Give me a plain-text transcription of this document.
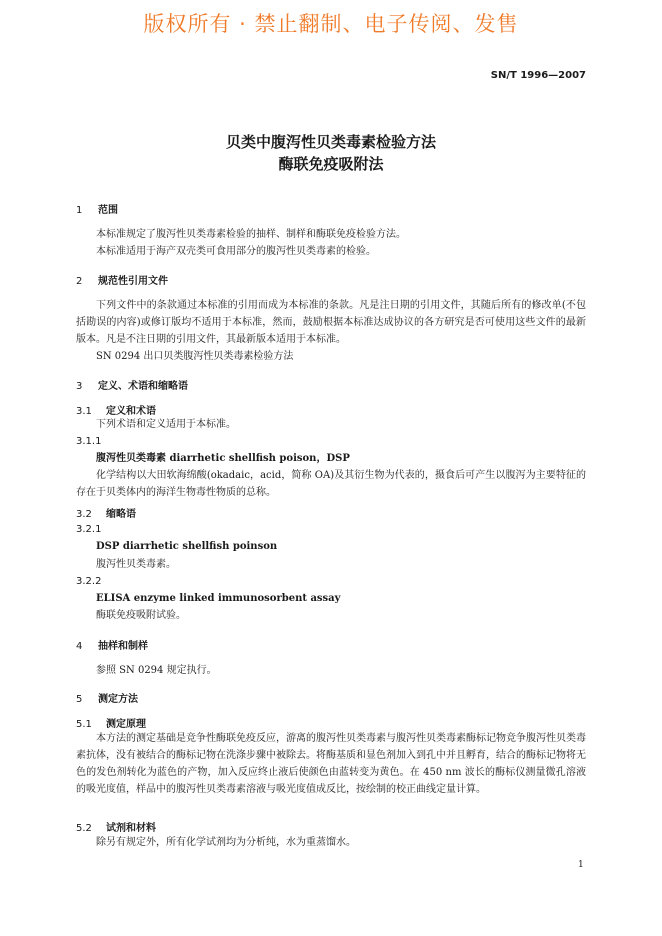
版权所有 · 禁止翻制、电子传阅、发售
SN/T 1996—2007
贝类中腹泻性贝类毒素检验方法
酶联免疫吸附法
1 范围
本标准规定了腹泻性贝类毒素检验的抽样、制样和酶联免疫检验方法。
本标准适用于海产双壳类可食用部分的腹泻性贝类毒素的检验。
2 规范性引用文件
下列文件中的条款通过本标准的引用而成为本标准的条款。凡是注日期的引用文件，其随后所有的修改单(不包括勘误的内容)或修订版均不适用于本标准，然而，鼓励根据本标准达成协议的各方研究是否可使用这些文件的最新版本。凡是不注日期的引用文件，其最新版本适用于本标准。
SN 0294 出口贝类腹泻性贝类毒素检验方法
3 定义、术语和缩略语
3.1 定义和术语
下列术语和定义适用于本标准。
3.1.1
腹泻性贝类毒素 diarrhetic shellfish poison，DSP
化学结构以大田软海绵酸(okadaic，acid，简称 OA)及其衍生物为代表的，摄食后可产生以腹泻为主要特征的存在于贝类体内的海洋生物毒性物质的总称。
3.2 缩略语
3.2.1
DSP diarrhetic shellfish poinson
腹泻性贝类毒素。
3.2.2
ELISA enzyme linked immunosorbent assay
酶联免疫吸附试验。
4 抽样和制样
参照 SN 0294 规定执行。
5 测定方法
5.1 测定原理
本方法的测定基础是竞争性酶联免疫反应，游离的腹泻性贝类毒素与腹泻性贝类毒素酶标记物竞争腹泻性贝类毒素抗体，没有被结合的酶标记物在洗涤步骤中被除去。将酶基质和显色剂加入到孔中并且孵育，结合的酶标记物将无色的发色剂转化为蓝色的产物，加入反应终止液后使颜色由蓝转变为黄色。在 450 nm 波长的酶标仪测量微孔溶液的吸光度值，样品中的腹泻性贝类毒素溶液与吸光度值成反比，按绘制的校正曲线定量计算。
5.2 试剂和材料
除另有规定外，所有化学试剂均为分析纯，水为重蒸馏水。
1
